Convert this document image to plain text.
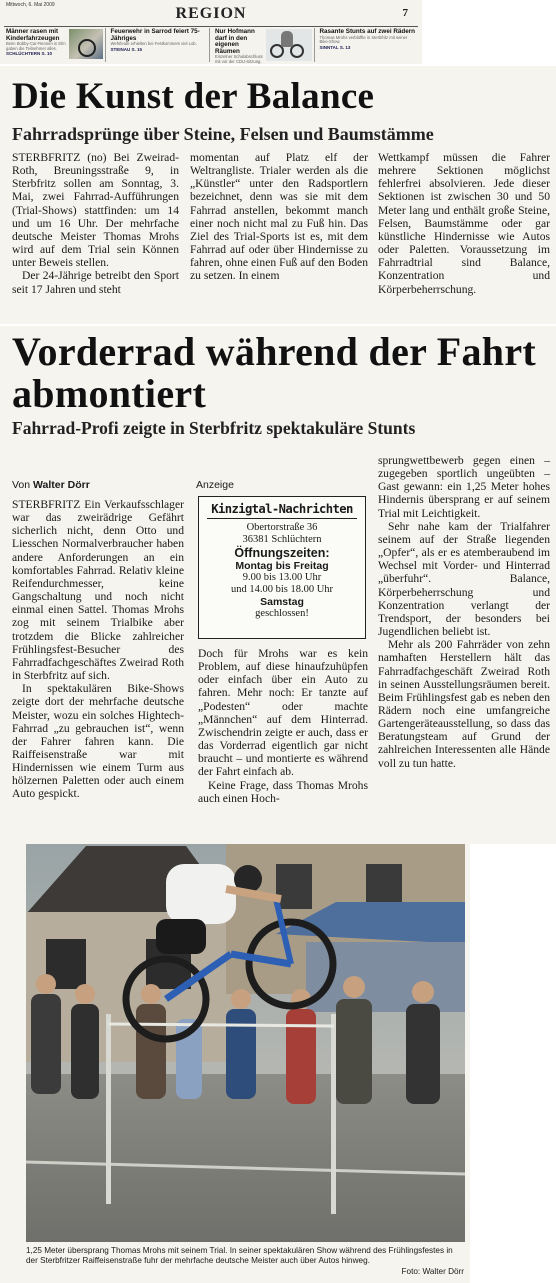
Mittwoch, 6. Mai 2009	REGION	7
Männer rasen mit Kinderfahrzeugen
Beim Bobby-Car-Rennen in Elm gaben die Teilnehmer alles.
SCHLÜCHTERN S. 10
Feuerwehr in Sarrod feiert 75-Jähriges
Wehrleute erhielten bei Festkommers viel Lob.
STEINAU S. 15
Nur Hofmann darf in den eigenen Räumen
Einzelner Schulabschluss mit vor der CDU-Sitzung.
Rasante Stunts auf zwei Rädern
Thomas Mrohs verblüffte in Sterbfritz mit seiner Bike-Show.
SINNTAL S. 13
Die Kunst der Balance
Fahrradsprünge über Steine, Felsen und Baumstämme

STERBFRITZ (no) Bei Zweirad-Roth, Breuningsstraße 9, in Sterbfritz sollen am Sonntag, 3. Mai, zwei Fahrrad-Aufführungen (Trial-Shows) stattfinden: um 14 und um 16 Uhr. Der mehrfache deutsche Meister Thomas Mrohs wird auf dem Trial sein Können unter Beweis stellen.

Der 24-Jährige betreibt den Sport seit 17 Jahren und steht

momentan auf Platz elf der Weltrangliste. Trialer werden als die „Künstler“ unter den Radsportlern bezeichnet, denn was sie mit dem Fahrrad anstellen, bekommt manch einer noch nicht mal zu Fuß hin. Das Ziel des Trial-Sports ist es, mit dem Fahrrad auf oder über Hindernisse zu fahren, ohne einen Fuß auf den Boden zu setzen. In einem

Wettkampf müssen die Fahrer mehrere Sektionen möglichst fehlerfrei absolvieren. Jede dieser Sektionen ist zwischen 30 und 50 Meter lang und enthält große Steine, Felsen, Baumstämme oder gar künstliche Hindernisse wie Autos oder Paletten. Voraussetzung im Fahrradtrial sind Balance, Konzentration und Körperbeherrschung.

Vorderrad während der Fahrt abmontiert
Fahrrad-Profi zeigte in Sterbfritz spektakuläre Stunts
Von Walter Dörr	Anzeige

STERBFRITZ Ein Verkaufsschlager war das zweirädrige Gefährt sicherlich nicht, denn Otto und Liesschen Normalverbraucher haben andere Anforderungen an ein komfortables Fahrrad. Relativ kleine Reifendurchmesser, keine Gangschaltung und noch nicht einmal einen Sattel. Thomas Mrohs zog mit seinem Trialbike aber trotzdem die Blicke zahlreicher Frühlingsfest-Besucher des Fahrradfachgeschäftes Zweirad Roth in Sterbfritz auf sich.

In spektakulären Bike-Shows zeigte dort der mehrfache deutsche Meister, wozu ein solches Hightech-Fahrrad „zu gebrauchen ist“, wenn der Fahrer fahren kann. Die Raiffeisenstraße war mit Hindernissen wie einem Turm aus hölzernen Paletten oder auch einem Auto gespickt.

Kinzigtal-Nachrichten
Obertorstraße 36
36381 Schlüchtern
Öffnungszeiten:
Montag bis Freitag
9.00 bis 13.00 Uhr
und 14.00 bis 18.00 Uhr
Samstag
geschlossen!

Doch für Mrohs war es kein Problem, auf diese hinaufzuhüpfen oder einfach über ein Auto zu fahren. Mehr noch: Er tanzte auf „Podesten“ oder machte „Männchen“ auf dem Hinterrad. Zwischendrin zeigte er auch, dass er das Vorderrad eigentlich gar nicht braucht – und montierte es während der Fahrt einfach ab.

Keine Frage, dass Thomas Mrohs auch einen Hoch-

sprungwettbewerb gegen einen – zugegeben sportlich ungeübten – Gast gewann: ein 1,25 Meter hohes Hindernis übersprang er auf seinem Trial mit Leichtigkeit.

Sehr nahe kam der Trialfahrer seinem auf der Straße liegenden „Opfer“, als er es atemberaubend im Wechsel mit Vorder- und Hinterrad „überfuhr“. Balance, Körperbeherrschung und Konzentration verlangt der Trendsport, der besonders bei Jugendlichen beliebt ist.

Mehr als 200 Fahrräder von zehn namhaften Herstellern hält das Fahrradfachgeschäft Zweirad Roth in seinen Ausstellungsräumen bereit. Beim Frühlingsfest gab es neben den Rädern noch eine umfangreiche Gartengeräteausstellung, so dass das Beratungsteam auf Grund der zahlreichen Interessenten alle Hände voll zu tun hatte.

1,25 Meter übersprang Thomas Mrohs mit seinem Trial. In seiner spektakulären Show während des Frühlingsfestes in der Sterbfritzer Raiffeisenstraße fuhr der mehrfache deutsche Meister auch über Autos hinweg.
Foto: Walter Dörr
